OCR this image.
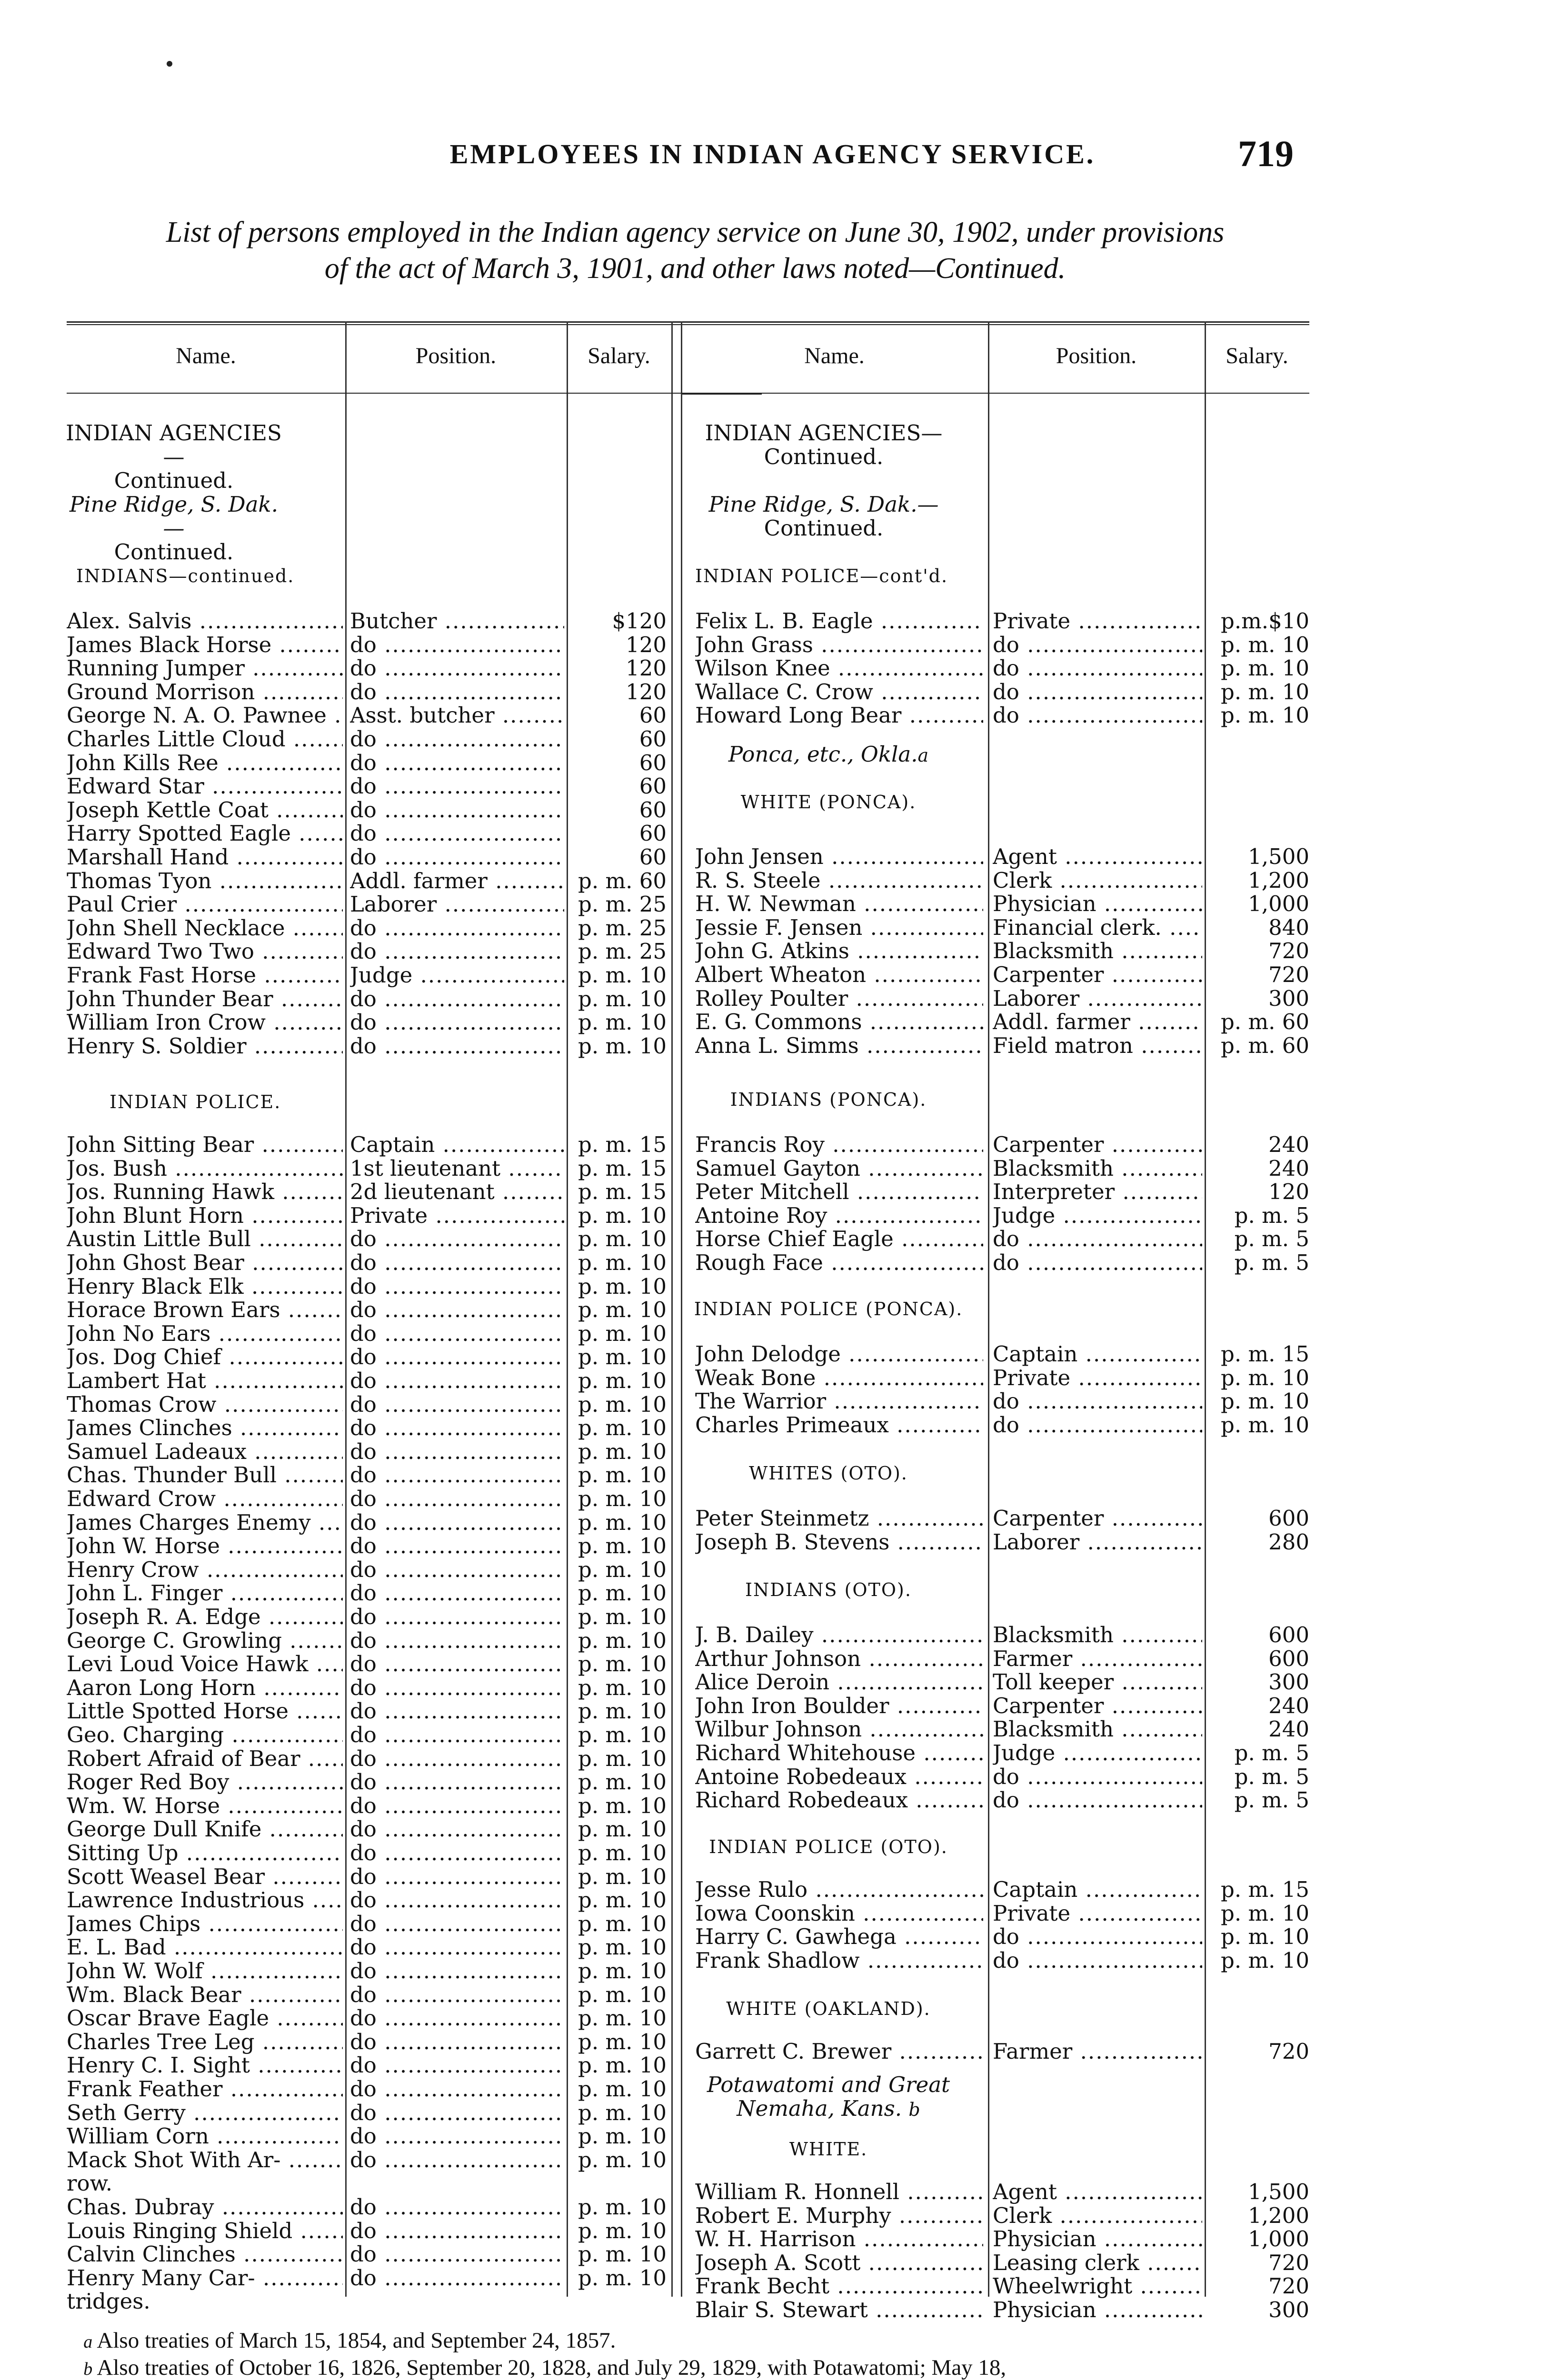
EMPLOYEES IN INDIAN AGENCY SERVICE.	719
List of persons employed in the Indian agency service on June 30, 1902, under provisions
of the act of March 3, 1901, and other laws noted—Continued.
Name.	Position.	Salary.	Name.	Position.	Salary.
INDIAN AGENCIES—
Continued.
Pine Ridge, S. Dak.—
Continued.
INDIANS—continued.
INDIAN AGENCIES—
Continued.
Pine Ridge, S. Dak.—
Continued.
INDIAN POLICE—cont'd.
INDIAN POLICE.
Ponca, etc., Okla.a
WHITE (PONCA).
INDIANS (PONCA).
INDIAN POLICE (PONCA).
WHITES (OTO).
INDIANS (OTO).
INDIAN POLICE (OTO).
WHITE (OAKLAND).
Potawatomi and Great
Nemaha, Kans. b
WHITE.
Alex. Salvis .....	Butcher .....	$120
James Black Horse .....	do .....	120
Running Jumper .....	do .....	120
Ground Morrison .....	do .....	120
George N. A. O. Pawnee .....	Asst. butcher .....	60
Charles Little Cloud .....	do .....	60
John Kills Ree .....	do .....	60
Edward Star .....	do .....	60
Joseph Kettle Coat .....	do .....	60
Harry Spotted Eagle .....	do .....	60
Marshall Hand .....	do .....	60
Thomas Tyon .....	Addl. farmer .....	p. m. 60
Paul Crier .....	Laborer .....	p. m. 25
John Shell Necklace .....	do .....	p. m. 25
Edward Two Two .....	do .....	p. m. 25
Frank Fast Horse .....	Judge .....	p. m. 10
John Thunder Bear .....	do .....	p. m. 10
William Iron Crow .....	do .....	p. m. 10
Henry S. Soldier .....	do .....	p. m. 10
John Sitting Bear .....	Captain .....	p. m. 15
Jos. Bush .....	1st lieutenant .....	p. m. 15
Jos. Running Hawk .....	2d lieutenant .....	p. m. 15
John Blunt Horn .....	Private .....	p. m. 10
Austin Little Bull .....	do .....	p. m. 10
John Ghost Bear .....	do .....	p. m. 10
Henry Black Elk .....	do .....	p. m. 10
Horace Brown Ears .....	do .....	p. m. 10
John No Ears .....	do .....	p. m. 10
Jos. Dog Chief .....	do .....	p. m. 10
Lambert Hat .....	do .....	p. m. 10
Thomas Crow .....	do .....	p. m. 10
James Clinches .....	do .....	p. m. 10
Samuel Ladeaux .....	do .....	p. m. 10
Chas. Thunder Bull .....	do .....	p. m. 10
Edward Crow .....	do .....	p. m. 10
James Charges Enemy .....	do .....	p. m. 10
John W. Horse .....	do .....	p. m. 10
Henry Crow .....	do .....	p. m. 10
John L. Finger .....	do .....	p. m. 10
Joseph R. A. Edge .....	do .....	p. m. 10
George C. Growling .....	do .....	p. m. 10
Levi Loud Voice Hawk .....	do .....	p. m. 10
Aaron Long Horn .....	do .....	p. m. 10
Little Spotted Horse .....	do .....	p. m. 10
Geo. Charging .....	do .....	p. m. 10
Robert Afraid of Bear .....	do .....	p. m. 10
Roger Red Boy .....	do .....	p. m. 10
Wm. W. Horse .....	do .....	p. m. 10
George Dull Knife .....	do .....	p. m. 10
Sitting Up .....	do .....	p. m. 10
Scott Weasel Bear .....	do .....	p. m. 10
Lawrence Industrious .....	do .....	p. m. 10
James Chips .....	do .....	p. m. 10
E. L. Bad .....	do .....	p. m. 10
John W. Wolf .....	do .....	p. m. 10
Wm. Black Bear .....	do .....	p. m. 10
Oscar Brave Eagle .....	do .....	p. m. 10
Charles Tree Leg .....	do .....	p. m. 10
Henry C. I. Sight .....	do .....	p. m. 10
Frank Feather .....	do .....	p. m. 10
Seth Gerry .....	do .....	p. m. 10
William Corn .....	do .....	p. m. 10
Mack Shot With Ar- .....	do .....	p. m. 10
row.
Chas. Dubray .....	do .....	p. m. 10
Louis Ringing Shield .....	do .....	p. m. 10
Calvin Clinches .....	do .....	p. m. 10
Henry Many Car- .....	do .....	p. m. 10
tridges.
Felix L. B. Eagle .....	Private .....	p.m.$10
John Grass .....	do .....	p. m. 10
Wilson Knee .....	do .....	p. m. 10
Wallace C. Crow .....	do .....	p. m. 10
Howard Long Bear .....	do .....	p. m. 10
John Jensen .....	Agent .....	1,500
R. S. Steele .....	Clerk .....	1,200
H. W. Newman .....	Physician .....	1,000
Jessie F. Jensen .....	Financial clerk. .....	840
John G. Atkins .....	Blacksmith .....	720
Albert Wheaton .....	Carpenter .....	720
Rolley Poulter .....	Laborer .....	300
E. G. Commons .....	Addl. farmer .....	p. m. 60
Anna L. Simms .....	Field matron .....	p. m. 60
Francis Roy .....	Carpenter .....	240
Samuel Gayton .....	Blacksmith .....	240
Peter Mitchell .....	Interpreter .....	120
Antoine Roy .....	Judge .....	p. m. 5
Horse Chief Eagle .....	do .....	p. m. 5
Rough Face .....	do .....	p. m. 5
John Delodge .....	Captain .....	p. m. 15
Weak Bone .....	Private .....	p. m. 10
The Warrior .....	do .....	p. m. 10
Charles Primeaux .....	do .....	p. m. 10
Peter Steinmetz .....	Carpenter .....	600
Joseph B. Stevens .....	Laborer .....	280
J. B. Dailey .....	Blacksmith .....	600
Arthur Johnson .....	Farmer .....	600
Alice Deroin .....	Toll keeper .....	300
John Iron Boulder .....	Carpenter .....	240
Wilbur Johnson .....	Blacksmith .....	240
Richard Whitehouse .....	Judge .....	p. m. 5
Antoine Robedeaux .....	do .....	p. m. 5
Richard Robedeaux .....	do .....	p. m. 5
Jesse Rulo .....	Captain .....	p. m. 15
Iowa Coonskin .....	Private .....	p. m. 10
Harry C. Gawhega .....	do .....	p. m. 10
Frank Shadlow .....	do .....	p. m. 10
Garrett C. Brewer .....	Farmer .....	720
William R. Honnell .....	Agent .....	1,500
Robert E. Murphy .....	Clerk .....	1,200
W. H. Harrison .....	Physician .....	1,000
Joseph A. Scott .....	Leasing clerk .....	720
Frank Becht .....	Wheelwright .....	720
Blair S. Stewart .....	Physician .....	300

a Also treaties of March 15, 1854, and September 24, 1857.

b Also treaties of October 16, 1826, September 20, 1828, and July 29, 1829, with Potawatomi; May 18,
